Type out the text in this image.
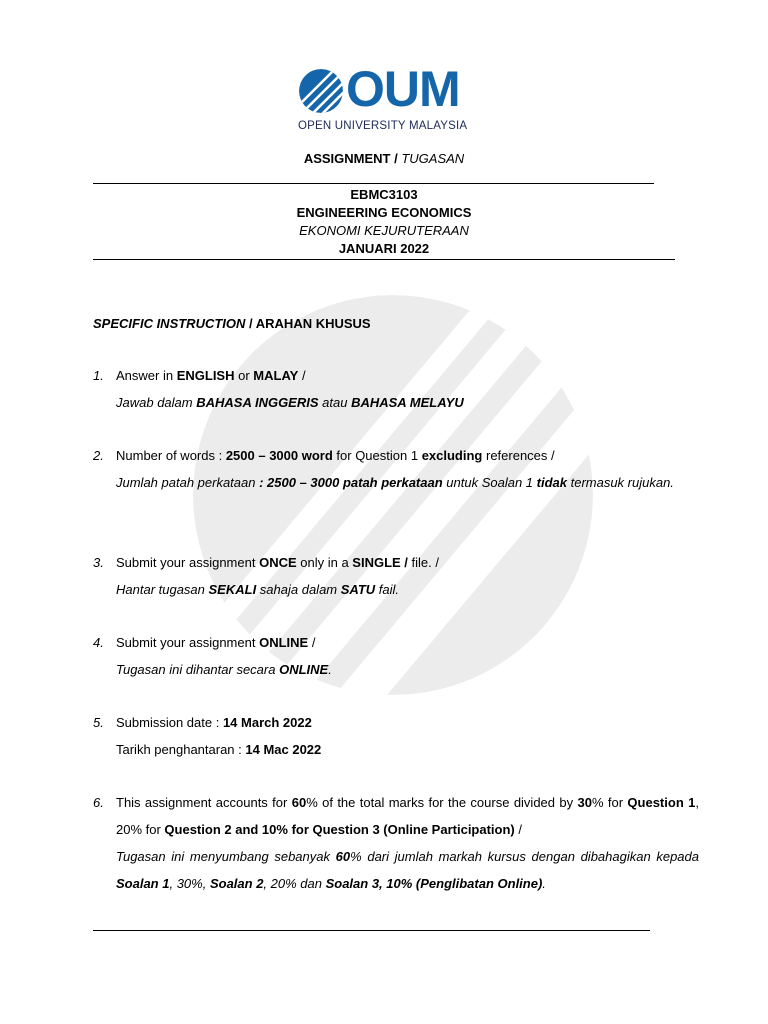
OUM
OPEN UNIVERSITY MALAYSIA
ASSIGNMENT / TUGASAN
EBMC3103
ENGINEERING ECONOMICS
EKONOMI KEJURUTERAAN
JANUARI 2022
SPECIFIC INSTRUCTION / ARAHAN KHUSUS
1. Answer in ENGLISH or MALAY /
Jawab dalam BAHASA INGGERIS atau BAHASA MELAYU
2. Number of words : 2500 – 3000 word for Question 1 excluding references /
Jumlah patah perkataan : 2500 – 3000 patah perkataan untuk Soalan 1 tidak termasuk rujukan.
3. Submit your assignment ONCE only in a SINGLE / file. /
Hantar tugasan SEKALI sahaja dalam SATU fail.
4. Submit your assignment ONLINE /
Tugasan ini dihantar secara ONLINE.
5. Submission date : 14 March 2022
Tarikh penghantaran : 14 Mac 2022
6. This assignment accounts for 60% of the total marks for the course divided by 30% for Question 1, 20% for Question 2 and 10% for Question 3 (Online Participation) /
Tugasan ini menyumbang sebanyak 60% dari jumlah markah kursus dengan dibahagikan kepada Soalan 1, 30%, Soalan 2, 20% dan Soalan 3, 10% (Penglibatan Online).
